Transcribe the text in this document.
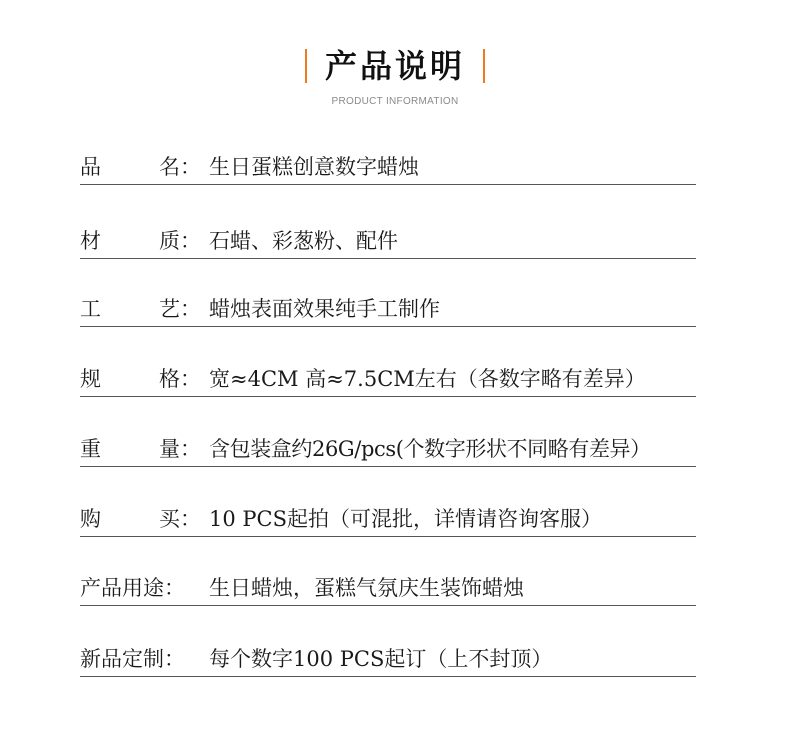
产品说明
PRODUCT INFORMATION
品	名： 生日蛋糕创意数字蜡烛
材	质： 石蜡、彩葱粉、配件
工	艺： 蜡烛表面效果纯手工制作
规	格： 宽≈4CM 高≈7.5CM左右（各数字略有差异）
重	量： 含包装盒约26G/pcs(个数字形状不同略有差异）
购	买： 10 PCS起拍（可混批，详情请咨询客服）
产品用途：	生日蜡烛，蛋糕气氛庆生装饰蜡烛
新品定制：	每个数字100 PCS起订（上不封顶）
